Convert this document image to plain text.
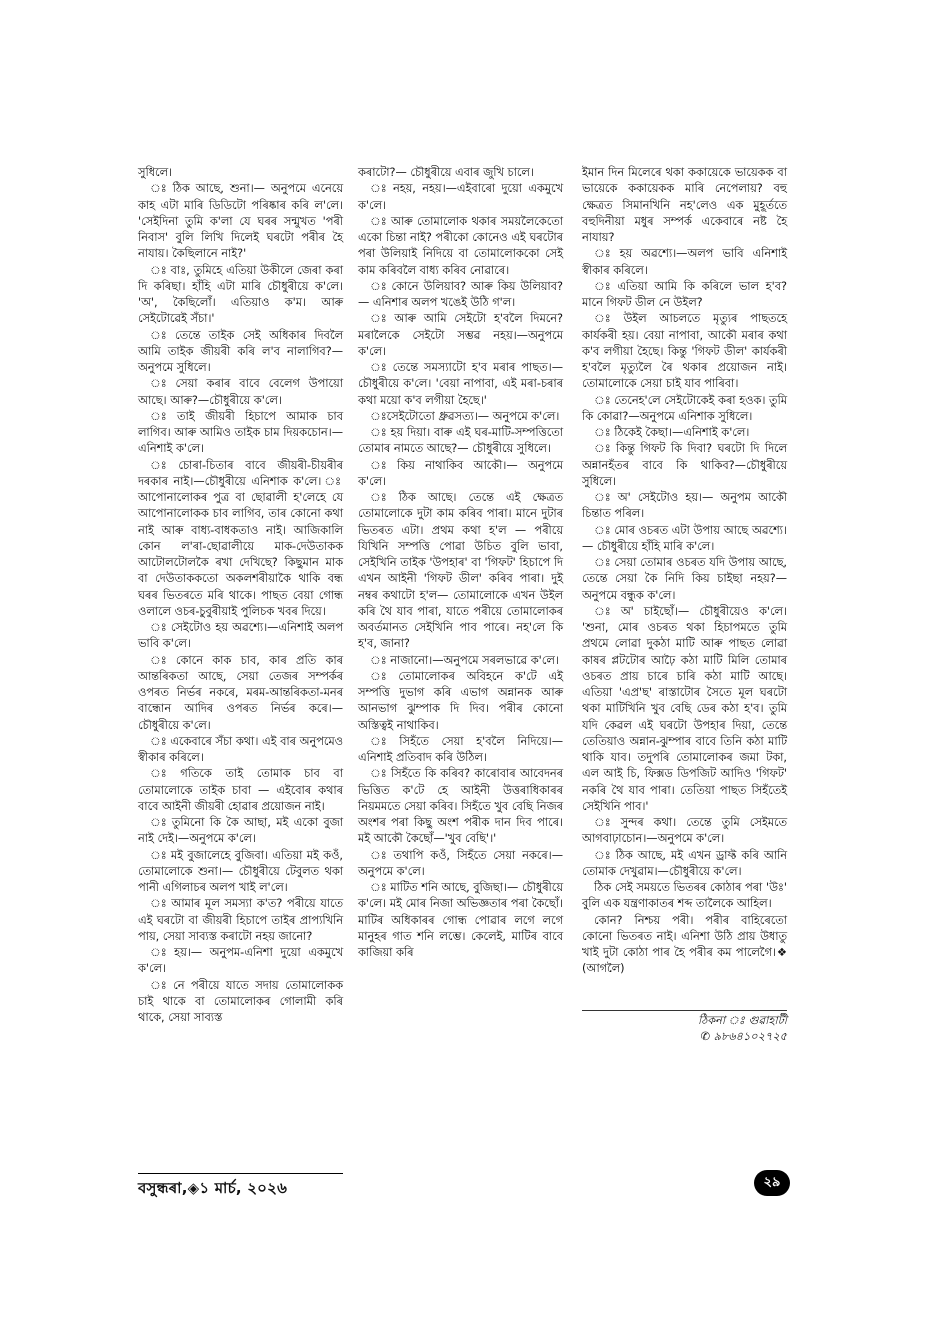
সুধিলে।

ঃ ঠিক আছে, শুনা।— অনুপমে এনেয়ে কাহ এটা মাৰি ডিডিটো পৰিষ্কাৰ কৰি ল'লে। 'সেইদিনা তুমি ক'লা যে ঘৰৰ সন্মুখত 'পৰী নিবাস' বুলি লিখি দিলেই ঘৰটো পৰীৰ হৈ নাযায়। কৈছিলানে নাই?'

ঃ বাঃ, তুমিহে এতিয়া উকীলে জেৰা কৰা দি কৰিছা। হাঁহি এটা মাৰি চৌধুৰীয়ে ক'লে। 'অ', কৈছিলোঁ। এতিয়াও ক'ম। আৰু সেইটোৱেই সঁচা।'

ঃ তেন্তে তাইক সেই অধিকাৰ দিবলৈ আমি তাইক জীয়ৰী কৰি ল'ব নালাগিব?— অনুপমে সুধিলে।

ঃ সেয়া কৰাৰ বাবে বেলেগ উপায়ো আছে। আৰু?—চৌধুৰীয়ে ক'লে।

ঃ তাই জীয়ৰী হিচাপে আমাক চাব লাগিব। আৰু আমিও তাইক চাম দিয়কচোন।— এনিশাই ক'লে।

ঃ চোৰা-চিতাৰ বাবে জীয়ৰী-চীয়ৰীৰ দৰকাৰ নাই।—চৌধুৰীয়ে এনিশাক ক'লে। ঃ আপোনালোকৰ পুত্ৰ বা ছোৱালী হ'লেহে যে আপোনালোকক চাব লাগিব, তাৰ কোনো কথা নাই আৰু বাধ্য-বাধকতাও নাই। আজিকালি কোন ল'ৰা-ছোৱালীয়ে মাক-দেউতাকক আটোলটোলকৈ ৰখা দেখিছে? কিছুমান মাক বা দেউতাককতো অকলশৰীয়াকৈ থাকি বন্ধ ঘৰৰ ভিতৰতে মৰি থাকে। পাছত বেয়া গোন্ধ ওলালে ওচৰ-চুবুৰীয়াই পুলিচক খবৰ দিয়ে।

ঃ সেইটোও হয় অৱশ্যে।—এনিশাই অলপ ভাবি ক'লে।

ঃ কোনে কাক চাব, কাৰ প্ৰতি কাৰ আন্তৰিকতা আছে, সেয়া তেজৰ সম্পৰ্কৰ ওপৰত নিৰ্ভৰ নকৰে, মৰম-আন্তৰিকতা-মনৰ বান্ধোন আদিৰ ওপৰত নিৰ্ভৰ কৰে।— চৌধুৰীয়ে ক'লে।

ঃ একেবাৰে সঁচা কথা। এই বাৰ অনুপমেও স্বীকাৰ কৰিলে।

ঃ গতিকে তাই তোমাক চাব বা তোমালোকে তাইক চাবা — এইবোৰ কথাৰ বাবে আইনী জীয়ৰী হোৱাৰ প্ৰয়োজন নাই।

ঃ তুমিনো কি কৈ আছা, মই একো বুজা নাই দেই।—অনুপমে ক'লে।

ঃ মই বুজালেহে বুজিবা। এতিয়া মই কওঁ, তোমালোকে শুনা।— চৌধুৰীয়ে টেবুলত থকা পানী এগিলাচৰ অলপ খাই ল'লে।

ঃ আমাৰ মূল সমস্যা ক'ত? পৰীয়ে যাতে এই ঘৰটো বা জীয়ৰী হিচাপে তাইৰ প্ৰাপ্যখিনি পায়, সেয়া সাব্যস্ত কৰাটো নহয় জানো?

ঃ হয়।— অনুপম-এনিশা দুয়ো একমুখে ক'লে।

ঃ নে পৰীয়ে যাতে সদায় তোমালোকক চাই থাকে বা তোমালোকৰ গোলামী কৰি থাকে, সেয়া সাব্যস্ত

কৰাটো?— চৌধুৰীয়ে এবাৰ জুখি চালে।

ঃ নহয়, নহয়।—এইবাৰো দুয়ো একমুখে ক'লে।

ঃ আৰু তোমালোক থকাৰ সময়লৈকেতো একো চিন্তা নাই? পৰীকো কোনেও এই ঘৰটোৰ পৰা উলিয়াই নিদিয়ে বা তোমালোককো সেই কাম কৰিবলৈ বাধ্য কৰিব নোৱাৰে।

ঃ কোনে উলিয়াব? আৰু কিয় উলিয়াব?— এনিশাৰ অলপ খঙেই উঠি গ'ল।

ঃ আৰু আমি সেইটো হ'বলৈ দিমনে? মৰালৈকে সেইটো সম্ভৱ নহয়।—অনুপমে ক'লে।

ঃ তেন্তে সমস্যাটো হ'ব মৰাৰ পাছত।— চৌধুৰীয়ে ক'লে। 'বেয়া নাপাবা, এই মৰা-চৰাৰ কথা ময়ো ক'ব লগীয়া হৈছে।'

ঃসেইটোতো ধ্ৰুৱসত্য।— অনুপমে ক'লে।

ঃ হয় দিয়া। বাৰু এই ঘৰ-মাটি-সম্পত্তিতো তোমাৰ নামতে আছে?— চৌধুৰীয়ে সুধিলে।

ঃ কিয় নাথাকিব আকৌ।— অনুপমে ক'লে।

ঃ ঠিক আছে। তেন্তে এই ক্ষেত্ৰত তোমালোকে দুটা কাম কৰিব পাৰা। মানে দুটাৰ ভিতৰত এটা। প্ৰথম কথা হ'ল — পৰীয়ে যিখিনি সম্পত্তি পোৱা উচিত বুলি ভাবা, সেইখিনি তাইক 'উপহাৰ' বা 'গিফট' হিচাপে দি এখন আইনী 'গিফট ডীল' কৰিব পাৰা। দুই নম্বৰ কথাটো হ'ল— তোমালোকে এখন উইল কৰি থৈ যাব পাৰা, যাতে পৰীয়ে তোমালোকৰ অবৰ্তমানত সেইখিনি পাব পাৰে। নহ'লে কি হ'ব, জানা?

ঃ নাজানো।—অনুপমে সৰলভাৱে ক'লে।

ঃ তোমালোকৰ অবিহনে ক'টে এই সম্পত্তি দুভাগ কৰি এভাগ অন্নানক আৰু আনভাগ ঝুম্পাক দি দিব। পৰীৰ কোনো অস্তিত্বই নাথাকিব।

ঃ সিহঁতে সেয়া হ'বলৈ নিদিয়ে।— এনিশাই প্ৰতিবাদ কৰি উঠিল।

ঃ সিহঁতে কি কৰিব? কাৰোবাৰ আবেদনৰ ভিত্তিত ক'টে হে আইনী উত্তৰাধিকাৰৰ নিয়মমতে সেয়া কৰিব। সিহঁতে খুব বেছি নিজৰ অংশৰ পৰা কিছু অংশ পৰীক দান দিব পাৰে। মই আকৌ কৈছোঁ—'খুব বেছি'।'

ঃ তথাপি কওঁ, সিহঁতে সেয়া নকৰে।— অনুপমে ক'লে।

ঃ মাটিত শনি আছে, বুজিছা।— চৌধুৰীয়ে ক'লে। মই মোৰ নিজা অভিজ্ঞতাৰ পৰা কৈছোঁ। মাটিৰ অধিকাৰৰ গোন্ধ পোৱাৰ লগে লগে মানুহৰ গাত শনি লম্ভে। কেলেই, মাটিৰ বাবে কাজিয়া কৰি

ইমান দিন মিলেৰে থকা ককায়েকে ভায়েকক বা ভায়েকে ককায়েকক মাৰি নেপেলায়? বহু ক্ষেত্ৰত সিমানখিনি নহ'লেও এক মুহূৰ্ততে বহুদিনীয়া মধুৰ সম্পৰ্ক একেবাৰে নষ্ট হৈ নাযায়?

ঃ হয় অৱশ্যে।—অলপ ভাবি এনিশাই স্বীকাৰ কৰিলে।

ঃ এতিয়া আমি কি কৰিলে ভাল হ'ব? মানে গিফট ডীল নে উইল?

ঃ উইল আচলতে মৃত্যুৰ পাছতহে কাৰ্যকৰী হয়। বেয়া নাপাবা, আকৌ মৰাৰ কথা ক'ব লগীয়া হৈছে। কিন্তু 'গিফট ডীল' কাৰ্যকৰী হ'বলৈ মৃত্যুলৈ ৰৈ থকাৰ প্ৰয়োজন নাই। তোমালোকে সেয়া চাই যাব পাৰিবা।

ঃ তেনেহ'লে সেইটোকেই কৰা হওক। তুমি কি কোৱা?—অনুপমে এনিশাক সুধিলে।

ঃ ঠিকেই কৈছা।—এনিশাই ক'লে।

ঃ কিন্তু গিফট কি দিবা? ঘৰটো দি দিলে অন্নানহঁতৰ বাবে কি থাকিব?—চৌধুৰীয়ে সুধিলে।

ঃ অ' সেইটোও হয়।— অনুপম আকৌ চিন্তাত পৰিল।

ঃ মোৰ ওচৰত এটা উপায় আছে অৱশ্যে।— চৌধুৰীয়ে হাঁহি মাৰি ক'লে।

ঃ সেয়া তোমাৰ ওচৰত যদি উপায় আছে, তেন্তে সেয়া কৈ নিদি কিয় চাইছা নহয়?— অনুপমে বন্ধুক ক'লে।

ঃ অ' চাইছোঁ।— চৌধুৰীয়েও ক'লে। 'শুনা, মোৰ ওচৰত থকা হিচাপমতে তুমি প্ৰথমে লোৱা দুকঠা মাটি আৰু পাছত লোৱা কাষৰ প্লটটোৰ আঢ়ৈ কঠা মাটি মিলি তোমাৰ ওচৰত প্ৰায় চাৰে চাৰি কঠা মাটি আছে। এতিয়া 'এপ্ৰ'ছ' ৰাস্তাটোৰ সৈতে মূল ঘৰটো থকা মাটিখিনি খুব বেছি ডেৰ কঠা হ'ব। তুমি যদি কেৱল এই ঘৰটো উপহাৰ দিয়া, তেন্তে তেতিয়াও অন্নান-ঝুম্পাৰ বাবে তিনি কঠা মাটি থাকি যাব। তদুপৰি তোমালোকৰ জমা টকা, এল আই চি, ফিক্সড ডিপজিট আদিও 'গিফট' নকৰি থৈ যাব পাৰা। তেতিয়া পাছত সিহঁতেই সেইখিনি পাব।'

ঃ সুন্দৰ কথা। তেন্তে তুমি সেইমতে আগবাঢ়াচোন।—অনুপমে ক'লে।

ঃ ঠিক আছে, মই এখন ড্ৰাফ্ট কৰি আনি তোমাক দেখুৱাম।—চৌধুৰীয়ে ক'লে।

ঠিক সেই সময়তে ভিতৰৰ কোঠাৰ পৰা 'উঃ' বুলি এক যন্ত্ৰণাকাতৰ শব্দ তালৈকে আহিল।

কোন? নিশ্চয় পৰী। পৰীৰ বাহিৰেতো কোনো ভিতৰত নাই। এনিশা উঠি প্ৰায় উধাতু খাই দুটা কোঠা পাৰ হৈ পৰীৰ কম পালেগৈ।❖ (আগলৈ)

ঠিকনা ঃ গুৱাহাটী
✆ ৯৮৬৪১০২৭২৫
বসুন্ধৰা,◈১ মাৰ্চ, ২০২৬	২৯
